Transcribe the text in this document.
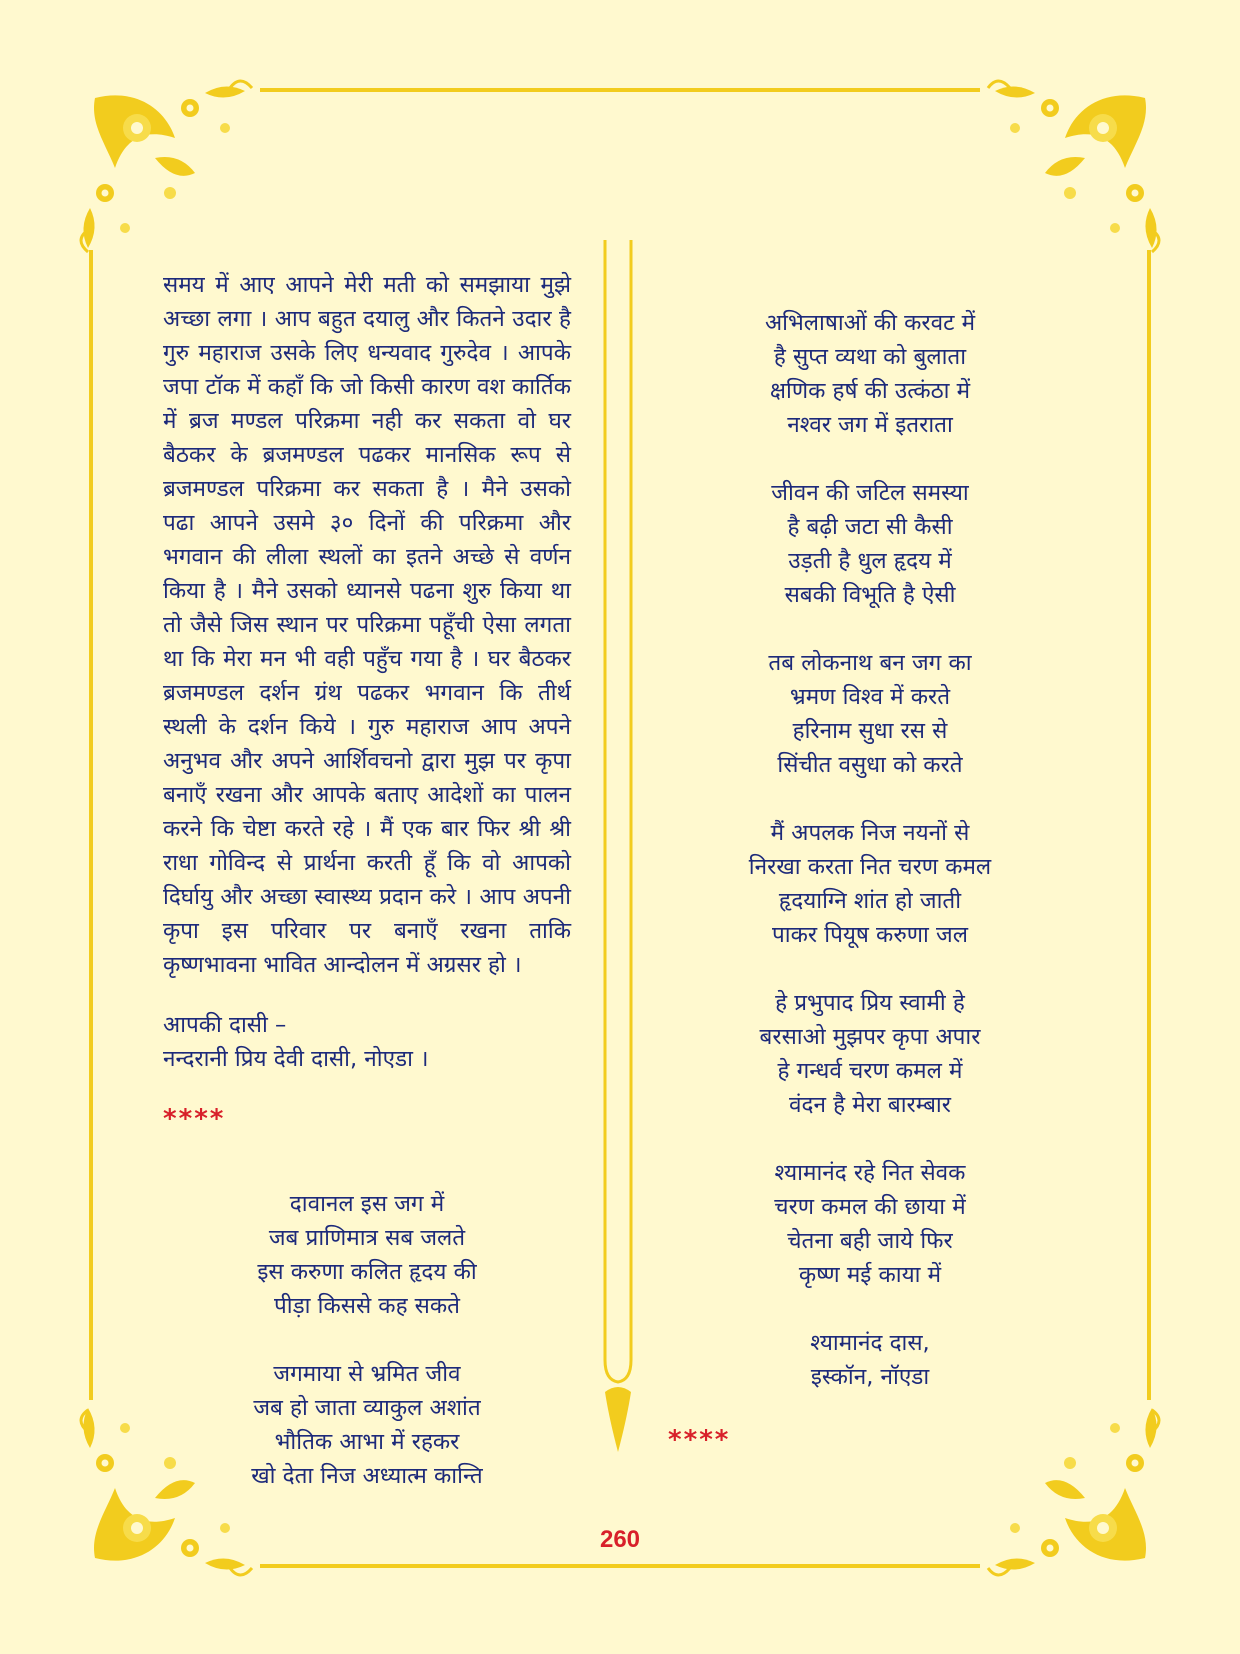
समय में आए आपने मेरी मती को समझाया मुझे अच्छा लगा । आप बहुत दयालु और कितने उदार है गुरु महाराज उसके लिए धन्यवाद गुरुदेव । आपके जपा टॉक में कहाँ कि जो किसी कारण वश कार्तिक में ब्रज मण्डल परिक्रमा नही कर सकता वो घर बैठकर के ब्रजमण्डल पढकर मानसिक रूप से ब्रजमण्डल परिक्रमा कर सकता है । मैने उसको पढा आपने उसमे ३० दिनों की परिक्रमा और भगवान की लीला स्थलों का इतने अच्छे से वर्णन किया है । मैने उसको ध्यानसे पढना शुरु किया था तो जैसे जिस स्थान पर परिक्रमा पहूँची ऐसा लगता था कि मेरा मन भी वही पहुँच गया है । घर बैठकर ब्रजमण्डल दर्शन ग्रंथ पढकर भगवान कि तीर्थ स्थली के दर्शन किये । गुरु महाराज आप अपने अनुभव और अपने आर्शिवचनो द्वारा मुझ पर कृपा बनाएँ रखना और आपके बताए आदेशों का पालन करने कि चेष्टा करते रहे । मैं एक बार फिर श्री श्री राधा गोविन्द से प्रार्थना करती हूँ कि वो आपको दिर्घायु और अच्छा स्वास्थ्य प्रदान करे । आप अपनी कृपा इस परिवार पर बनाएँ रखना ताकि कृष्णभावना भावित आन्दोलन में अग्रसर हो ।

आपकी दासी –
नन्दरानी प्रिय देवी दासी, नोएडा ।
****
दावानल इस जग में
जब प्राणिमात्र सब जलते
इस करुणा कलित हृदय की
पीड़ा किससे कह सकते
जगमाया से भ्रमित जीव
जब हो जाता व्याकुल अशांत
भौतिक आभा में रहकर
खो देता निज अध्यात्म कान्ति
अभिलाषाओं की करवट में
है सुप्त व्यथा को बुलाता
क्षणिक हर्ष की उत्कंठा में
नश्वर जग में इतराता
जीवन की जटिल समस्या
है बढ़ी जटा सी कैसी
उड़ती है धुल हृदय में
सबकी विभूति है ऐसी
तब लोकनाथ बन जग का
भ्रमण विश्व में करते
हरिनाम सुधा रस से
सिंचीत वसुधा को करते
मैं अपलक निज नयनों से
निरखा करता नित चरण कमल
हृदयाग्नि शांत हो जाती
पाकर पियूष करुणा जल
हे प्रभुपाद प्रिय स्वामी हे
बरसाओ मुझपर कृपा अपार
हे गन्धर्व चरण कमल में
वंदन है मेरा बारम्बार
श्यामानंद रहे नित सेवक
चरण कमल की छाया में
चेतना बही जाये फिर
कृष्ण मई काया में
श्यामानंद दास,
इस्कॉन, नॉएडा
****
260
